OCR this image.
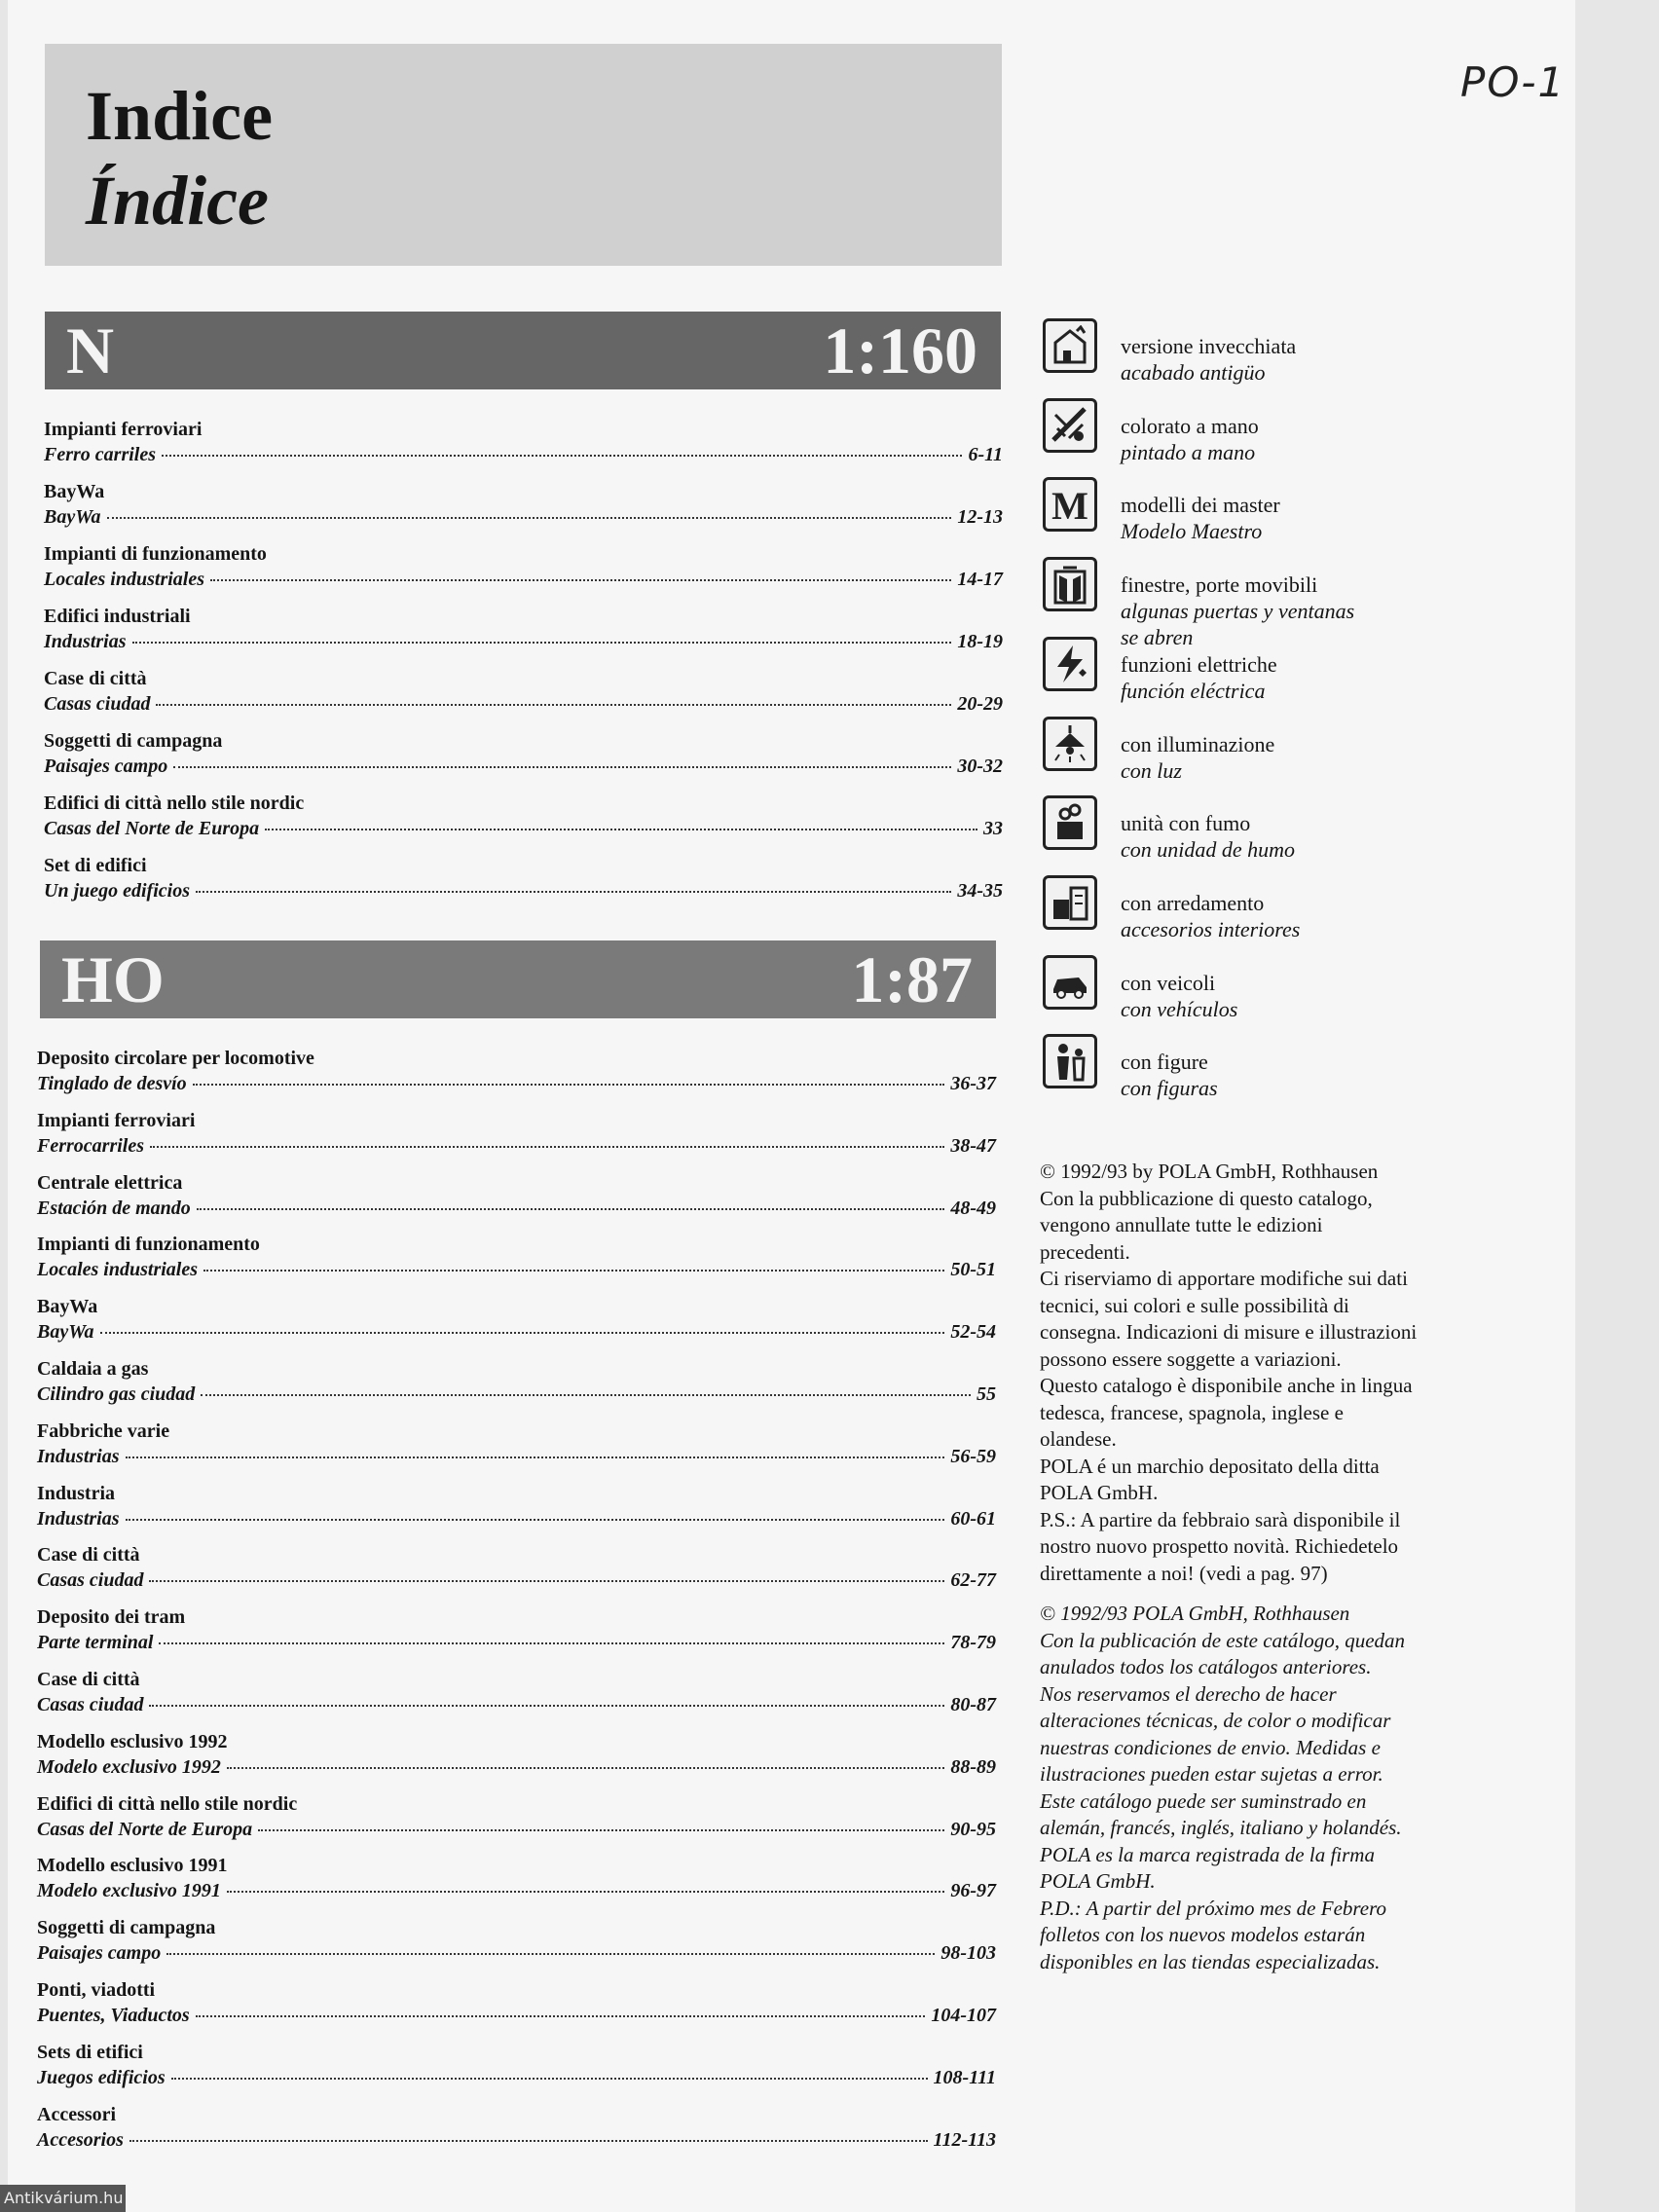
Indice
Índice
PO-1
N	1:160
Impianti ferroviari
Ferro carriles	6-11
BayWa
BayWa	12-13
Impianti di funzionamento
Locales industriales	14-17
Edifici industriali
Industrias	18-19
Case di città
Casas ciudad	20-29
Soggetti di campagna
Paisajes campo	30-32
Edifici di città nello stile nordic
Casas del Norte de Europa	33
Set di edifici
Un juego edificios	34-35
HO	1:87
Deposito circolare per locomotive
Tinglado de desvío	36-37
Impianti ferroviari
Ferrocarriles	38-47
Centrale elettrica
Estación de mando	48-49
Impianti di funzionamento
Locales industriales	50-51
BayWa
BayWa	52-54
Caldaia a gas
Cilindro gas ciudad	55
Fabbriche varie
Industrias	56-59
Industria
Industrias	60-61
Case di città
Casas ciudad	62-77
Deposito dei tram
Parte terminal	78-79
Case di città
Casas ciudad	80-87
Modello esclusivo 1992
Modelo exclusivo 1992	88-89
Edifici di città nello stile nordic
Casas del Norte de Europa	90-95
Modello esclusivo 1991
Modelo exclusivo 1991	96-97
Soggetti di campagna
Paisajes campo	98-103
Ponti, viadotti
Puentes, Viaductos	104-107
Sets di etifici
Juegos edificios	108-111
Accessori
Accesorios	112-113
versione invecchiata
acabado antigüo
colorato a mano
pintado a mano
M modelli dei master
Modelo Maestro
finestre, porte movibili
algunas puertas y ventanas
se abren
funzioni elettriche
función eléctrica
con illuminazione
con luz
unità con fumo
con unidad de humo
con arredamento
accesorios interiores
con veicoli
con vehículos
con figure
con figuras

© 1992/93 by POLA GmbH, Rothhausen

Con la pubblicazione di questo catalogo,

vengono annullate tutte le edizioni

precedenti.

Ci riserviamo di apportare modifiche sui dati

tecnici, sui colori e sulle possibilità di

consegna. Indicazioni di misure e illustrazioni

possono essere soggette a variazioni.

Questo catalogo è disponibile anche in lingua

tedesca, francese, spagnola, inglese e

olandese.

POLA é un marchio depositato della ditta

POLA GmbH.

P.S.: A partire da febbraio sarà disponibile il

nostro nuovo prospetto novità. Richiedetelo

direttamente a noi! (vedi a pag. 97)

© 1992/93 POLA GmbH, Rothhausen

Con la publicación de este catálogo, quedan

anulados todos los catálogos anteriores.

Nos reservamos el derecho de hacer

alteraciones técnicas, de color o modificar

nuestras condiciones de envio. Medidas e

ilustraciones pueden estar sujetas a error.

Este catálogo puede ser suminstrado en

alemán, francés, inglés, italiano y holandés.

POLA es la marca registrada de la firma

POLA GmbH.

P.D.: A partir del próximo mes de Febrero

folletos con los nuevos modelos estarán

disponibles en las tiendas especializadas.

Antikvárium.hu
